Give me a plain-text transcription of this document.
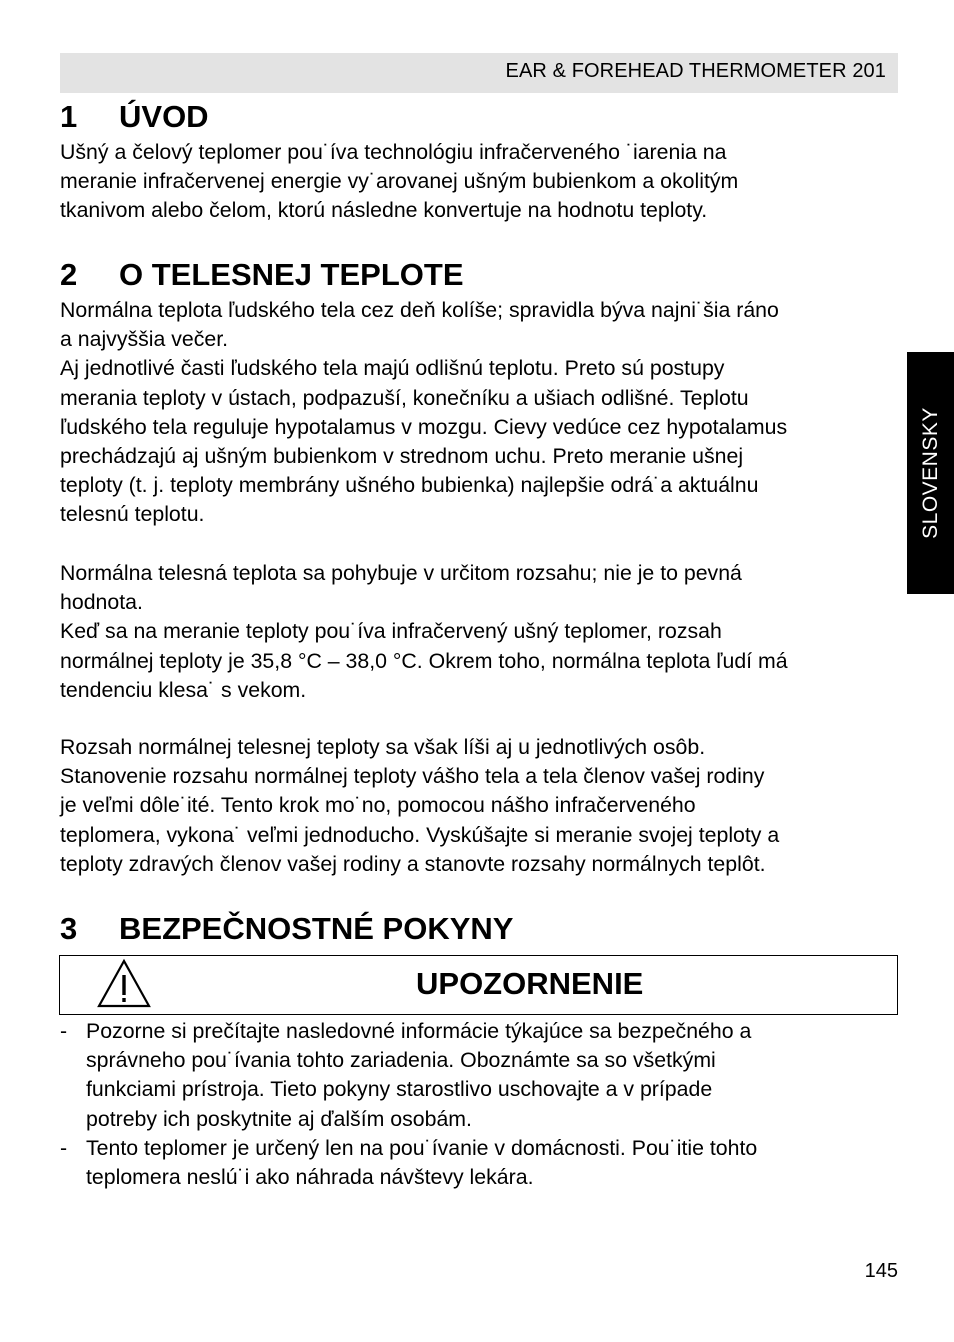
EAR & FOREHEAD THERMOMETER 201
SLOVENSKY
1 ÚVOD
Ušný a čelový teplomer pou˙íva technológiu infračerveného ˙iarenia na
meranie infračervenej energie vy˙arovanej ušným bubienkom a okolitým
tkanivom alebo čelom, ktorú následne konvertuje na hodnotu teploty.
2 O TELESNEJ TEPLOTE
Normálna teplota ľudského tela cez deň kolíše; spravidla býva najni˙šia ráno
a najvyššia večer.
Aj jednotlivé časti ľudského tela majú odlišnú teplotu. Preto sú postupy
merania teploty v ústach, podpazuší, konečníku a ušiach odlišné. Teplotu
ľudského tela reguluje hypotalamus v mozgu. Cievy vedúce cez hypotalamus
prechádzajú aj ušným bubienkom v strednom uchu. Preto meranie ušnej
teploty (t. j. teploty membrány ušného bubienka) najlepšie odrá˙a aktuálnu
telesnú teplotu.
Normálna telesná teplota sa pohybuje v určitom rozsahu; nie je to pevná
hodnota.
Keď sa na meranie teploty pou˙íva infračervený ušný teplomer, rozsah
normálnej teploty je 35,8 °C – 38,0 °C. Okrem toho, normálna teplota ľudí má
tendenciu klesa˙ s vekom.
Rozsah normálnej telesnej teploty sa však líši aj u jednotlivých osôb.
Stanovenie rozsahu normálnej teploty vášho tela a tela členov vašej rodiny
je veľmi dôle˙ité. Tento krok mo˙no, pomocou nášho infračerveného
teplomera, vykona˙ veľmi jednoducho. Vyskúšajte si meranie svojej teploty a
teploty zdravých členov vašej rodiny a stanovte rozsahy normálnych teplôt.
3 BEZPEČNOSTNÉ POKYNY
UPOZORNENIE
- Pozorne si prečítajte nasledovné informácie týkajúce sa bezpečného a
správneho pou˙ívania tohto zariadenia. Oboznámte sa so všetkými
funkciami prístroja. Tieto pokyny starostlivo uschovajte a v prípade
potreby ich poskytnite aj ďalším osobám.
- Tento teplomer je určený len na pou˙ívanie v domácnosti. Pou˙itie tohto
teplomera neslú˙i ako náhrada návštevy lekára.
145
